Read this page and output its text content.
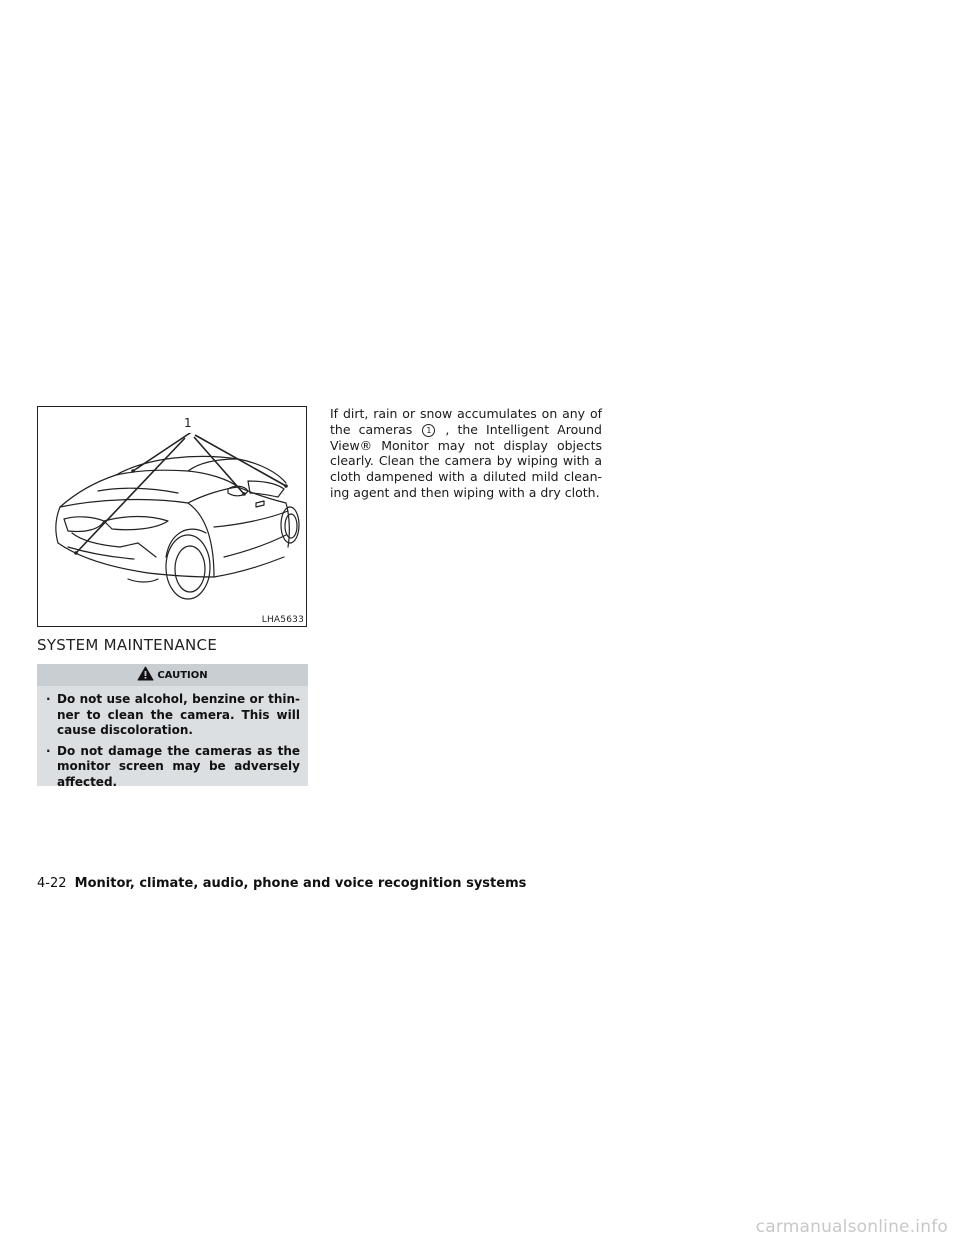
1
LHA5633
SYSTEM MAINTENANCE
CAUTION
· Do not use alcohol, benzine or thin-ner to clean the camera. This will cause discoloration.
· Do not damage the cameras as the monitor screen may be adversely affected.

If dirt, rain or snow accumulates on any of the cameras 1 , the Intelligent Around View® Monitor may not display objects clearly. Clean the camera by wiping with a cloth dampened with a diluted mild clean-ing agent and then wiping with a dry cloth.

4-22 Monitor, climate, audio, phone and voice recognition systems
carmanualsonline.info
